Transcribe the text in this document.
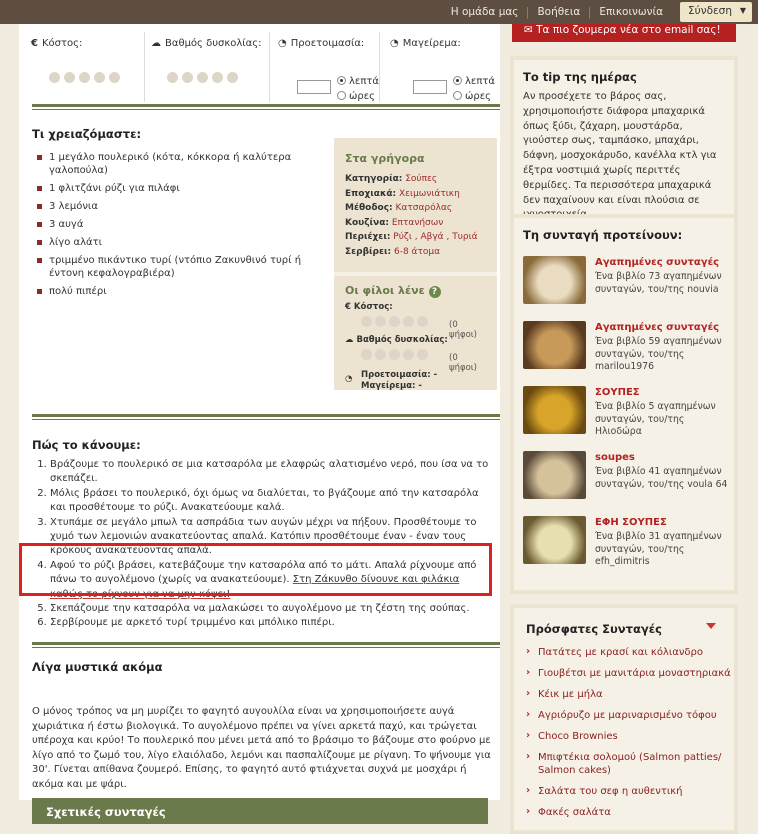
Η ομάδα μας	Βοήθεια	Επικοινωνία	Σύνδεση ▼
€ Κόστος:	☁ Βαθμός δυσκολίας: ◔ Προετοιμασία:
λεπτά
ώρες
◔ Μαγείρεμα:
λεπτά
ώρες
Τι χρειαζόμαστε:
1 μεγάλο πουλερικό (κότα, κόκκορα ή καλύτερα γαλοπούλα)
1 φλιτζάνι ρύζι για πιλάφι
3 λεμόνια
3 αυγά
λίγο αλάτι
τριμμένο πικάντικο τυρί (ντόπιο Ζακυνθινό τυρί ή έντονη κεφαλογραβιέρα)
πολύ πιπέρι
Στα γρήγορα
Κατηγορία: Σούπες
Εποχιακά: Χειμωνιάτικη
Μέθοδος: Κατσαρόλας
Κουζίνα: Επτανήσων
Περιέχει: Ρύζι , Αβγά , Τυριά
Σερβίρει: 6-8 άτομα
Οι φίλοι λένε ?
€ Κόστος:
(0 ψήφοι)
☁ Βαθμός δυσκολίας:
(0 ψήφοι)
◔ Προετοιμασία: -
Μαγείρεμα: -
Πώς το κάνουμε:
1. Βράζουμε το πουλερικό σε μια κατσαρόλα με ελαφρώς αλατισμένο νερό, που ίσα να το σκεπάζει.
2. Μόλις βράσει το πουλερικό, όχι όμως να διαλύεται, το βγάζουμε από την κατσαρόλα και προσθέτουμε το ρύζι. Ανακατεύουμε καλά.
3. Χτυπάμε σε μεγάλο μπωλ τα ασπράδια των αυγών μέχρι να πήξουν. Προσθέτουμε το χυμό των λεμονιών ανακατεύοντας απαλά. Κατόπιν προσθέτουμε έναν - έναν τους κρόκους ανακατεύοντας απαλά.
4. Αφού το ρύζι βράσει, κατεβάζουμε την κατσαρόλα από το μάτι. Απαλά ρίχνουμε από πάνω το αυγολέμονο (χωρίς να ανακατεύουμε). Στη Ζάκυνθο δίνουνε και φιλάκια καθώς το ρίχνουν για να μην κόψει!
5. Σκεπάζουμε την κατσαρόλα να μαλακώσει το αυγολέμονο με τη ζέστη της σούπας.
6. Σερβίρουμε με αρκετό τυρί τριμμένο και μπόλικο πιπέρι.
Λίγα μυστικά ακόμα
Ο μόνος τρόπος να μη μυρίζει το φαγητό αυγουλίλα είναι να χρησιμοποιήσετε αυγά χωριάτικα ή έστω βιολογικά. Το αυγολέμονο πρέπει να γίνει αρκετά παχύ, και τρώγεται υπέροχα και κρύο! Το πουλερικό που μένει μετά από το βράσιμο το βάζουμε στο φούρνο με λίγο από το ζωμό του, λίγο ελαιόλαδο, λεμόνι και πασπαλίζουμε με ρίγανη. Το ψήνουμε για 30'. Γίνεται απίθανα ζουμερό. Επίσης, το φαγητό αυτό φτιάχνεται συχνά με μοσχάρι ή ακόμα και με ψάρι.
Σχετικές συνταγές
✉ Τα πιο ζουμερα νέα στο email σας!
Το tip της ημέρας

Αν προσέχετε το βάρος σας, χρησιμοποιήστε διάφορα μπαχαρικά όπως ξύδι, ζάχαρη, μουστάρδα, γιούστερ σως, ταμπάσκο, μπαχάρι, δάφνη, μοσχοκάρυδο, κανέλλα κτλ για έξτρα νοστιμιά χωρίς περιττές θερμίδες. Τα περισσότερα μπαχαρικά δεν παχαίνουν και είναι πλούσια σε

Τη συνταγή προτείνουν:
Αγαπημένες συνταγές
Ένα βιβλίο 73 αγαπημένων συνταγών, του/της nouvia
Αγαπημένες συνταγές
Ένα βιβλίο 59 αγαπημένων συνταγών, του/της marilou1976
ΣΟΥΠΕΣ
Ένα βιβλίο 5 αγαπημένων συνταγών, του/της Ηλιοδώρα
soupes
Ένα βιβλίο 41 αγαπημένων συνταγών, του/της voula 64
ΕΦΗ ΣΟΥΠΕΣ
Ένα βιβλίο 31 αγαπημένων συνταγών, του/της efh_dimitris
Πρόσφατες Συνταγές
› Πατάτες με κρασί και κόλιανδρο
› Γιουβέτσι με μανιτάρια μοναστηριακά
› Κέικ με μήλα
› Αγριόρυζο με μαριναρισμένο τόφου
› Choco Brownies
› Μπιφτέκια σολομού (Salmon patties/ Salmon cakes)
› Σαλάτα του σεφ η αυθεντική
› Φακές σαλάτα
